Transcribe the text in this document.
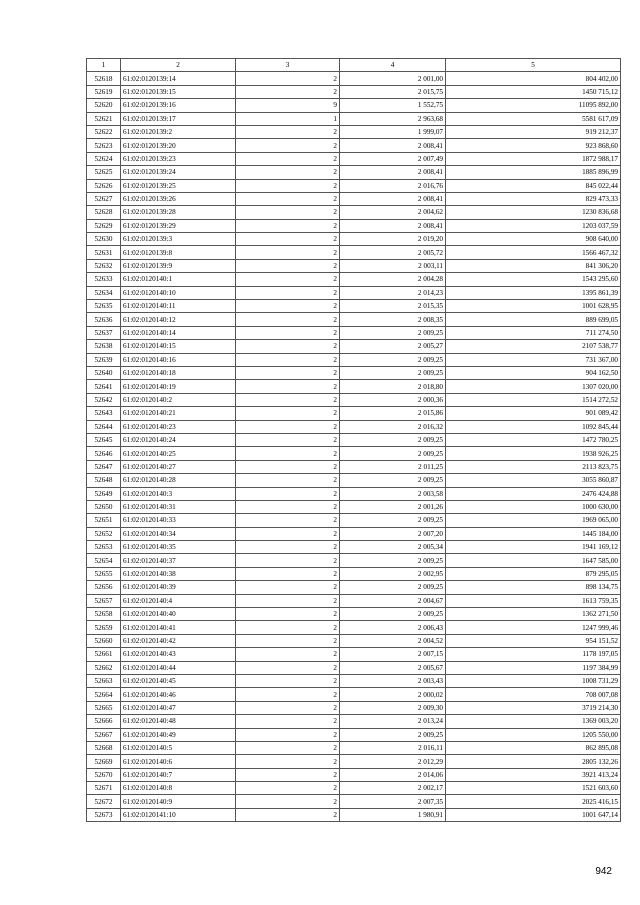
1	2	3	4	5
52618	61:02:0120139:14	2	2 001,00	804 402,00
52619	61:02:0120139:15	2	2 015,75	1450 715,12
52620	61:02:0120139:16	9	1 552,75	11095 892,00
52621	61:02:0120139:17	1	2 963,68	5581 617,09
52622	61:02:0120139:2	2	1 999,07	919 212,37
52623	61:02:0120139:20	2	2 008,41	923 868,60
52624	61:02:0120139:23	2	2 007,49	1872 988,17
52625	61:02:0120139:24	2	2 008,41	1885 896,99
52626	61:02:0120139:25	2	2 016,76	845 022,44
52627	61:02:0120139:26	2	2 008,41	829 473,33
52628	61:02:0120139:28	2	2 004,62	1230 836,68
52629	61:02:0120139:29	2	2 008,41	1203 037,59
52630	61:02:0120139:3	2	2 019,20	908 640,00
52631	61:02:0120139:8	2	2 005,72	1566 467,32
52632	61:02:0120139:9	2	2 003,11	841 306,20
52633	61:02:0120140:1	2	2 004,28	1543 295,60
52634	61:02:0120140:10	2	2 014,23	1395 861,39
52635	61:02:0120140:11	2	2 015,35	1001 628,95
52636	61:02:0120140:12	2	2 008,35	889 699,05
52637	61:02:0120140:14	2	2 009,25	711 274,50
52638	61:02:0120140:15	2	2 005,27	2107 538,77
52639	61:02:0120140:16	2	2 009,25	731 367,00
52640	61:02:0120140:18	2	2 009,25	904 162,50
52641	61:02:0120140:19	2	2 018,80	1307 020,00
52642	61:02:0120140:2	2	2 000,36	1514 272,52
52643	61:02:0120140:21	2	2 015,86	901 089,42
52644	61:02:0120140:23	2	2 016,32	1092 845,44
52645	61:02:0120140:24	2	2 009,25	1472 780,25
52646	61:02:0120140:25	2	2 009,25	1938 926,25
52647	61:02:0120140:27	2	2 011,25	2113 823,75
52648	61:02:0120140:28	2	2 009,25	3055 860,87
52649	61:02:0120140:3	2	2 003,58	2476 424,88
52650	61:02:0120140:31	2	2 001,26	1000 630,00
52651	61:02:0120140:33	2	2 009,25	1969 065,00
52652	61:02:0120140:34	2	2 007,20	1445 184,00
52653	61:02:0120140:35	2	2 005,34	1941 169,12
52654	61:02:0120140:37	2	2 009,25	1647 585,00
52655	61:02:0120140:38	2	2 002,95	879 295,05
52656	61:02:0120140:39	2	2 009,25	898 134,75
52657	61:02:0120140:4	2	2 004,67	1613 759,35
52658	61:02:0120140:40	2	2 009,25	1362 271,50
52659	61:02:0120140:41	2	2 006,43	1247 999,46
52660	61:02:0120140:42	2	2 004,52	954 151,52
52661	61:02:0120140:43	2	2 007,15	1178 197,05
52662	61:02:0120140:44	2	2 005,67	1197 384,99
52663	61:02:0120140:45	2	2 003,43	1008 731,29
52664	61:02:0120140:46	2	2 000,02	708 007,08
52665	61:02:0120140:47	2	2 009,30	3719 214,30
52666	61:02:0120140:48	2	2 013,24	1369 003,20
52667	61:02:0120140:49	2	2 009,25	1205 550,00
52668	61:02:0120140:5	2	2 016,11	862 895,08
52669	61:02:0120140:6	2	2 012,29	2805 132,26
52670	61:02:0120140:7	2	2 014,06	3921 413,24
52671	61:02:0120140:8	2	2 002,17	1521 603,60
52672	61:02:0120140:9	2	2 007,35	2025 416,15
52673	61:02:0120141:10	2	1 980,91	1001 647,14
942
